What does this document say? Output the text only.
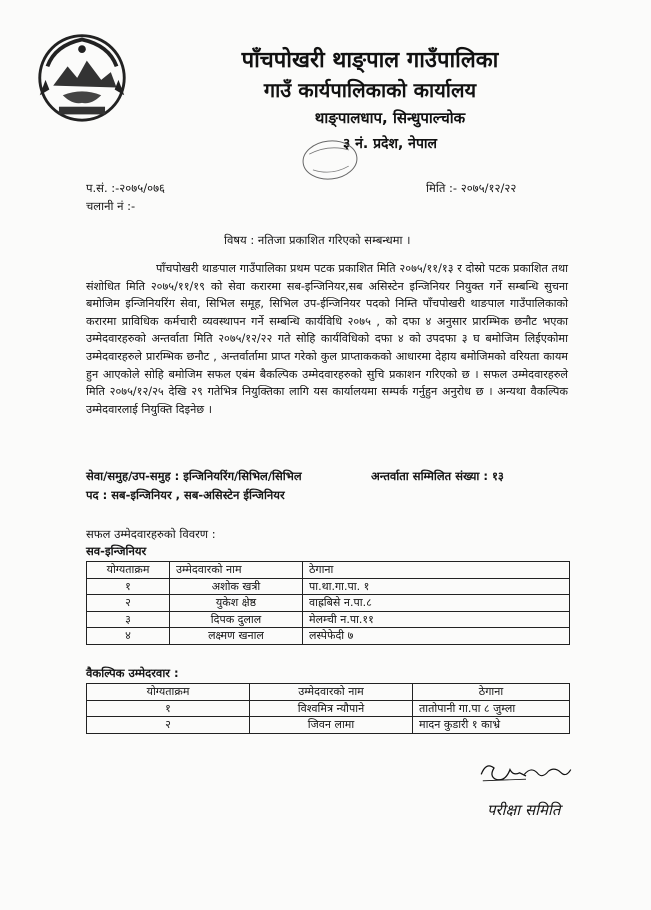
पाँचपोखरी थाङ्पाल गाउँपालिका
गाउँ कार्यपालिकाको कार्यालय
थाङ्पालधाप, सिन्धुपाल्चोक
३ नं. प्रदेश, नेपाल
प.सं. :-२०७५/०७६
चलानी नं :-
मिति :- २०७५/१२/२२
विषय : नतिजा प्रकाशित गरिएको सम्बन्धमा ।

पाँचपोखरी थाङपाल गाउँपालिका प्रथम पटक प्रकाशित मिति २०७५/११/१३ र दोस्रो पटक प्रकाशित तथा संशोधित मिति २०७५/११/१९ को सेवा करारमा सब-इन्जिनियर,सब असिस्टेन इन्जिनियर नियुक्त गर्ने सम्बन्धि सुचना बमोजिम इन्जिनियरिंग सेवा, सिभिल समूह, सिभिल उप-ईन्जिनियर पदको निम्ति पाँचपोखरी थाङपाल गाउँपालिकाको करारमा प्राविधिक कर्मचारी व्यवस्थापन गर्ने सम्बन्धि कार्यविधि २०७५ , को दफा ४ अनुसार प्रारम्भिक छनौट भएका उम्मेदवारहरुको अन्तर्वाता मिति २०७५/१२/२२ गते सोहि कार्यविधिको दफा ४ को उपदफा ३ घ बमोजिम लिईएकोमा उम्मेदवारहरुले प्रारम्भिक छनौट , अन्तर्वार्तामा प्राप्त गरेको कुल प्राप्ताककको आधारमा देहाय बमोजिमको वरियता कायम हुन आएकोले सोहि बमोजिम सफल एबंम बैकल्पिक उम्मेदवारहरुको सुचि प्रकाशन गरिएको छ । सफल उम्मेदवारहरुले मिति २०७५/१२/२५ देखि २९ गतेभित्र नियुक्तिका लागि यस कार्यालयमा सम्पर्क गर्नुहुन अनुरोध छ । अन्यथा वैकल्पिक उम्मेदवारलाई नियुक्ति दिइनेछ ।

सेवा/समुह/उप-समुह : इन्जिनियरिंग/सिभिल/सिभिल	अन्तर्वाता सम्मिलित संख्या : १३
पद : सब-इन्जिनियर , सब-असिस्टेन ईन्जिनियर
सफल उम्मेदवारहरुको विवरण :
सव-इन्जिनियर
योग्यताक्रम	उम्मेदवारको नाम	ठेगाना
१	अशोक खत्री	पा.था.गा.पा. १
२	युकेश क्षेष्ठ	वाह्रबिसे न.पा.८
३	दिपक दुलाल	मेलम्ची न.पा.११
४	लक्ष्मण खनाल	लस्पेफेदी ७
वैकल्पिक उम्मेदरवार :
योग्यताक्रम	उम्मेदवारको नाम	ठेगाना
१	विश्वमित्र न्यौपाने	तातोपानी गा.पा ८ जुम्ला
२	जिवन लामा	मादन कुडारी १ काभ्रे
परीक्षा समिति
